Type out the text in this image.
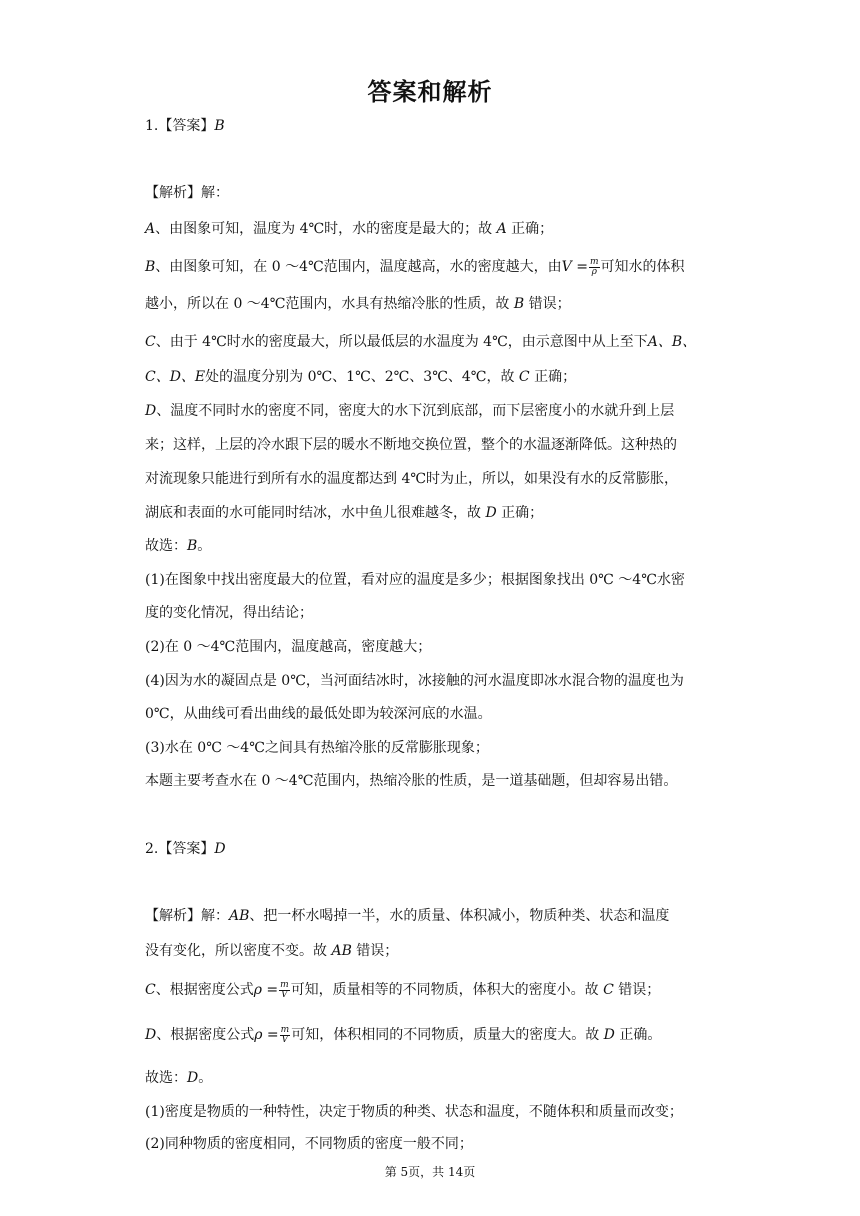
答案和解析
1.【答案】B
【解析】解：
A、由图象可知，温度为 4℃时，水的密度是最大的；故 A 正确；
B、由图象可知，在 0 ～4℃范围内，温度越高，水的密度越大，由$V = \frac{m}{\rho}$ 可知水的体积
越小，所以在 0 ～4℃范围内，水具有热缩冷胀的性质，故 B 错误；
C、由于 4℃时水的密度最大，所以最低层的水温度为 4℃，由示意图中从上至下A、B、
C、D、E处的温度分别为 0℃、1℃、2℃、3℃、4℃，故 C 正确；
D、温度不同时水的密度不同，密度大的水下沉到底部，而下层密度小的水就升到上层
来；这样，上层的冷水跟下层的暖水不断地交换位置，整个的水温逐渐降低。这种热的
对流现象只能进行到所有水的温度都达到 4℃时为止，所以，如果没有水的反常膨胀，
湖底和表面的水可能同时结冰，水中鱼儿很难越冬，故 D 正确；
故选：B。
(1)在图象中找出密度最大的位置，看对应的温度是多少；根据图象找出 0℃ ～4℃水密
度的变化情况，得出结论；
(2)在 0 ～4℃范围内，温度越高，密度越大；
(4)因为水的凝固点是 0℃，当河面结冰时，冰接触的河水温度即冰水混合物的温度也为
0℃，从曲线可看出曲线的最低处即为较深河底的水温。
(3)水在 0℃ ～4℃之间具有热缩冷胀的反常膨胀现象；
本题主要考查水在 0 ～4℃范围内，热缩冷胀的性质，是一道基础题，但却容易出错。
2.【答案】D
【解析】解：AB、把一杯水喝掉一半，水的质量、体积减小，物质种类、状态和温度
没有变化，所以密度不变。故 AB 错误；
C、根据密度公式$\rho = \frac{m}{V}$ 可知，质量相等的不同物质，体积大的密度小。故 C 错误；
D、根据密度公式$\rho = \frac{m}{V}$ 可知，体积相同的不同物质，质量大的密度大。故 D 正确。
故选：D。
(1)密度是物质的一种特性，决定于物质的种类、状态和温度，不随体积和质量而改变；
(2)同种物质的密度相同，不同物质的密度一般不同；
第 5页，共 14页
